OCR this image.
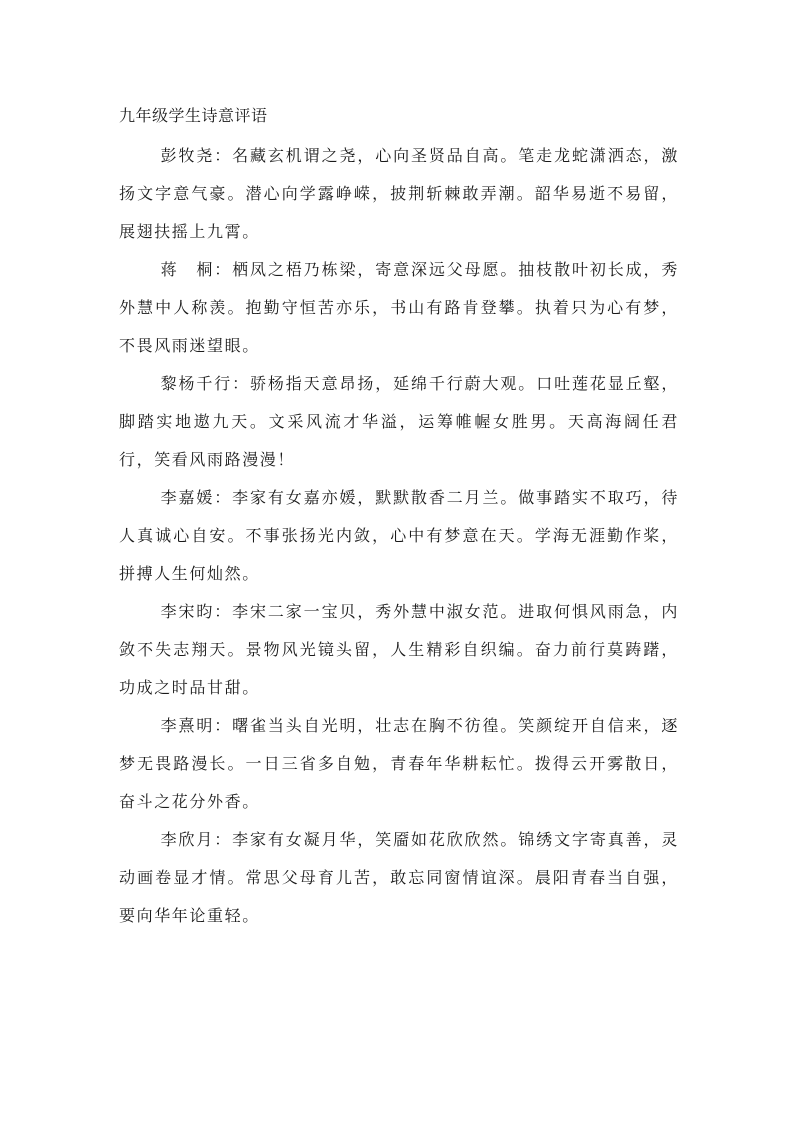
九年级学生诗意评语

彭牧尧：名藏玄机谓之尧，心向圣贤品自高。笔走龙蛇潇洒态，激扬文字意气豪。潜心向学露峥嵘，披荆斩棘敢弄潮。韶华易逝不易留，展翅扶摇上九霄。

蒋　桐：栖凤之梧乃栋梁，寄意深远父母愿。抽枝散叶初长成，秀外慧中人称羡。抱勤守恒苦亦乐，书山有路肯登攀。执着只为心有梦，不畏风雨迷望眼。

黎杨千行：骄杨指天意昂扬，延绵千行蔚大观。口吐莲花显丘壑，脚踏实地遨九天。文采风流才华溢，运筹帷幄女胜男。天高海阔任君行，笑看风雨路漫漫！

李嘉媛：李家有女嘉亦媛，默默散香二月兰。做事踏实不取巧，待人真诚心自安。不事张扬光内敛，心中有梦意在天。学海无涯勤作桨，拼搏人生何灿然。

李宋昀：李宋二家一宝贝，秀外慧中淑女范。进取何惧风雨急，内敛不失志翔天。景物风光镜头留，人生精彩自织编。奋力前行莫踌躇，功成之时品甘甜。

李熹明：曙雀当头自光明，壮志在胸不彷徨。笑颜绽开自信来，逐梦无畏路漫长。一日三省多自勉，青春年华耕耘忙。拨得云开雾散日，奋斗之花分外香。

李欣月：李家有女凝月华，笑靥如花欣欣然。锦绣文字寄真善，灵动画卷显才情。常思父母育儿苦，敢忘同窗情谊深。晨阳青春当自强，要向华年论重轻。
